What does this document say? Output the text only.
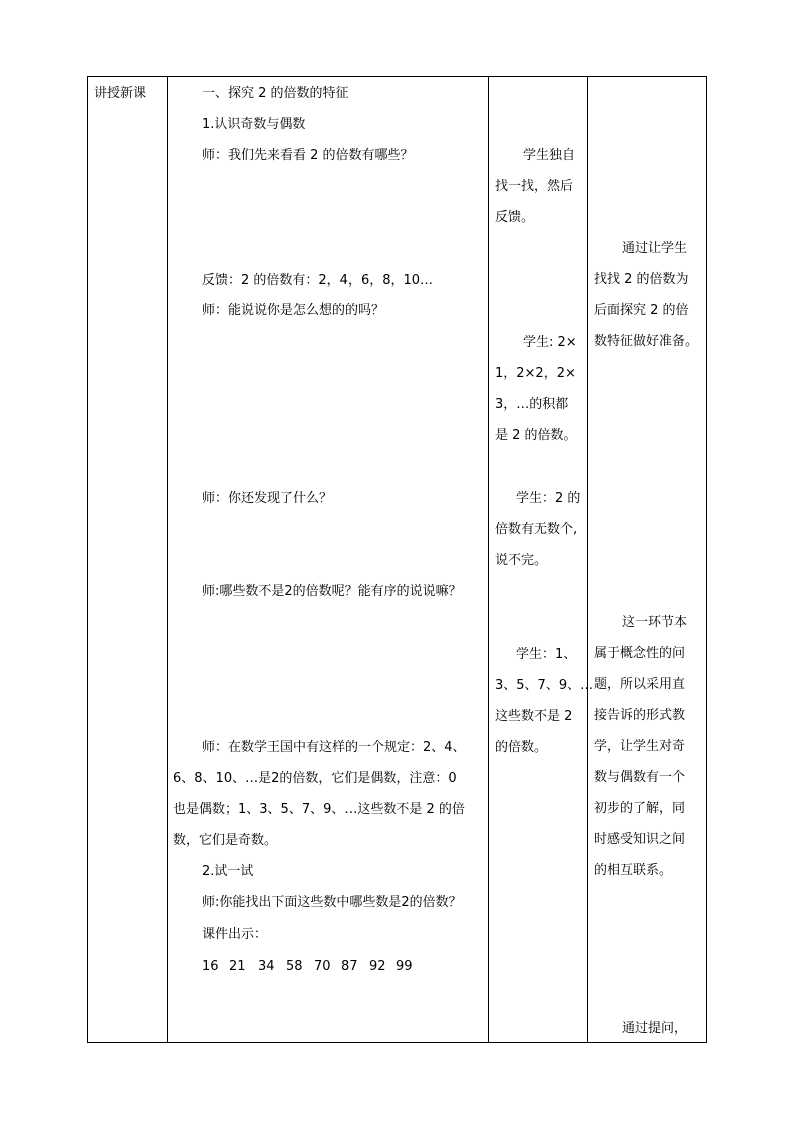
讲授新课	一、探究 2 的倍数的特征
1.认识奇数与偶数
师：我们先来看看 2 的倍数有哪些？
反馈：2 的倍数有：2，4，6，8，10…
师：能说说你是怎么想的的吗？
师：你还发现了什么？
师:哪些数不是2的倍数呢？能有序的说说嘛？
师：在数学王国中有这样的一个规定：2、4、
6、8、10、…是2的倍数，它们是偶数，注意：0
也是偶数；1、3、5、7、9、…这些数不是 2 的倍
数，它们是奇数。
2.试一试
师:你能找出下面这些数中哪些数是2的倍数？
课件出示：
16 21 34 58 70 87 92 99
学生独自
找一找，然后
反馈。
学生: 2×
1，2×2，2×
3，…的积都
是 2 的倍数。
学生：2 的
倍数有无数个,
说不完。
学生：1、
3、5、7、9、…
这些数不是 2
的倍数。
通过让学生
找找 2 的倍数为
后面探究 2 的倍
数特征做好准备。
这一环节本
属于概念性的问
题，所以采用直
接告诉的形式教
学，让学生对奇
数与偶数有一个
初步的了解，同
时感受知识之间
的相互联系。
通过提问，
